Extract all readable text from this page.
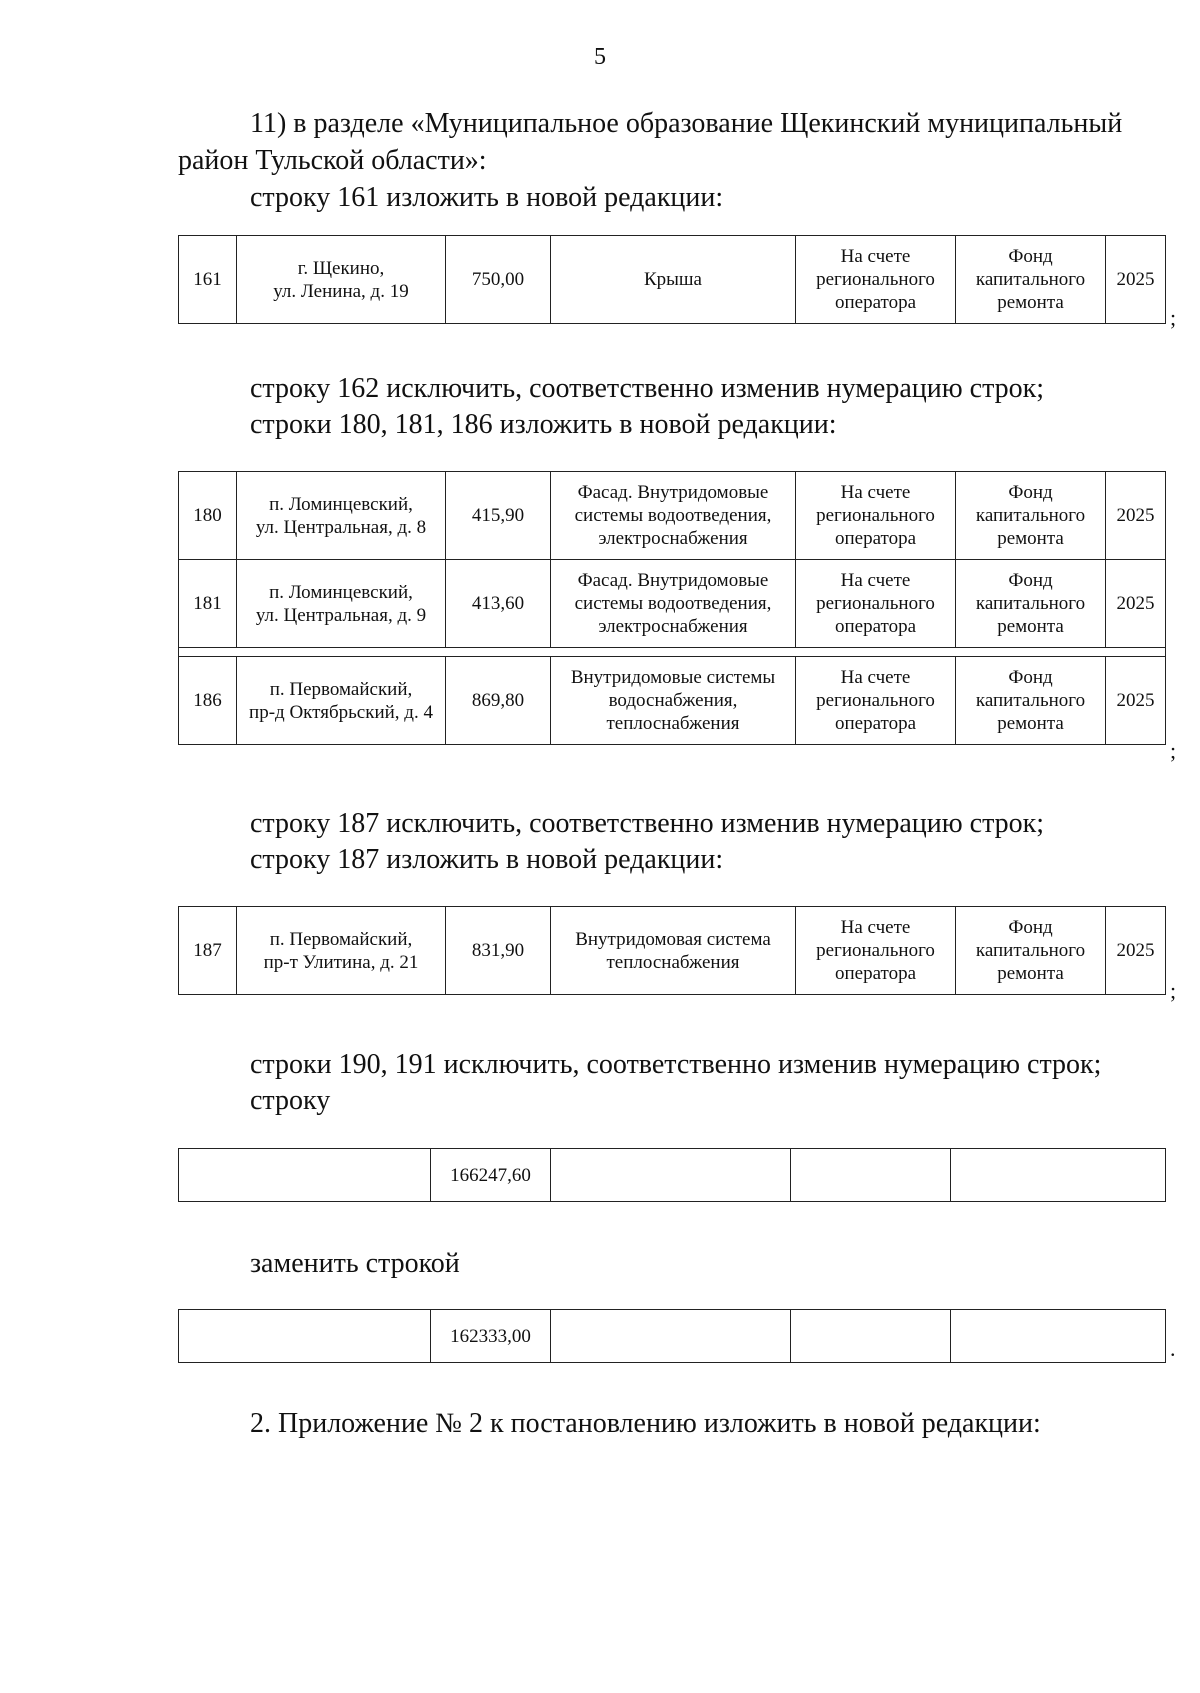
5
11) в разделе «Муниципальное образование Щекинский муниципальный
район Тульской области»:
строку 161 изложить в новой редакции:
161	г. Щекино,
ул. Ленина, д. 19	750,00	Крыша	На счете
регионального
оператора	Фонд
капитального
ремонта	2025
;
строку 162 исключить, соответственно изменив нумерацию строк;
строки 180, 181, 186 изложить в новой редакции:
180	п. Ломинцевский,
ул. Центральная, д. 8	415,90	Фасад. Внутридомовые
системы водоотведения,
электроснабжения	На счете
регионального
оператора	Фонд
капитального
ремонта	2025
181	п. Ломинцевский,
ул. Центральная, д. 9	413,60	Фасад. Внутридомовые
системы водоотведения,
электроснабжения	На счете
регионального
оператора	Фонд
капитального
ремонта	2025

186	п. Первомайский,
пр-д Октябрьский, д. 4	869,80	Внутридомовые системы
водоснабжения,
теплоснабжения	На счете
регионального
оператора	Фонд
капитального
ремонта	2025
;
строку 187 исключить, соответственно изменив нумерацию строк;
строку 187 изложить в новой редакции:
187	п. Первомайский,
пр-т Улитина, д. 21	831,90	Внутридомовая система
теплоснабжения	На счете
регионального
оператора	Фонд
капитального
ремонта	2025
;
строки 190, 191 исключить, соответственно изменив нумерацию строк;
строку
	166247,60			
заменить строкой
	162333,00				.
2. Приложение № 2 к постановлению изложить в новой редакции:
